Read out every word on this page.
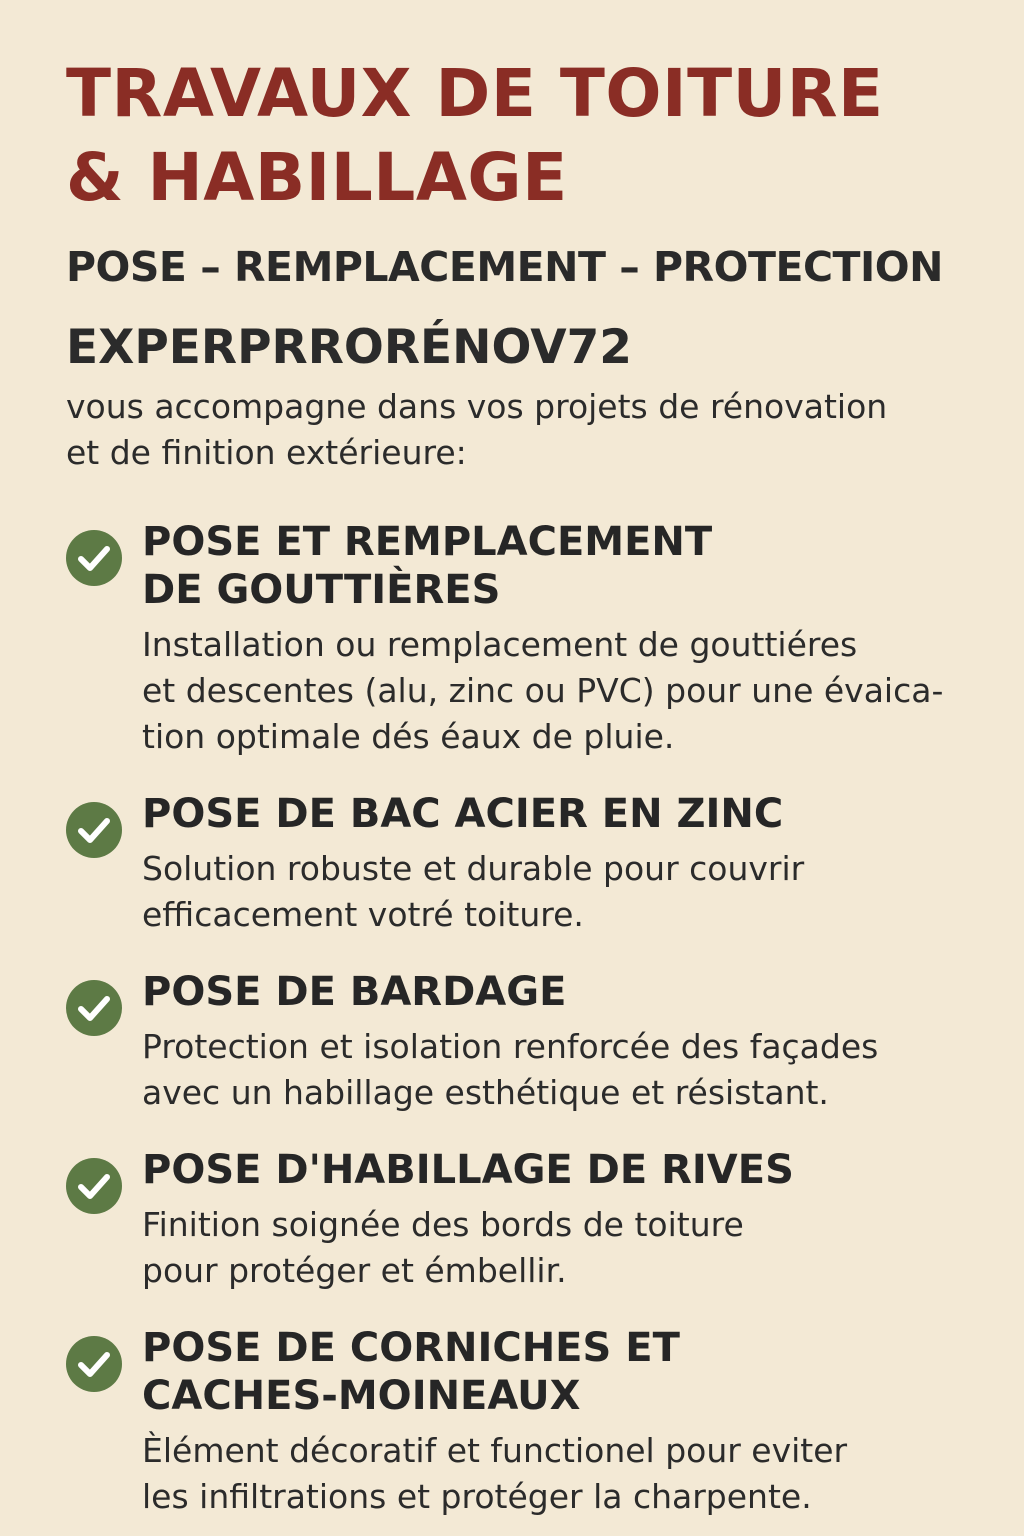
TRAVAUX DE TOITURE
& HABILLAGE

POSE – REMPLACEMENT – PROTECTION

EXPERPRRORÉNOV72

vous accompagne dans vos projets de rénovation
et de finition extérieure:

POSE ET REMPLACEMENT
DE GOUTTIÈRES

Installation ou remplacement de gouttiéres
et descentes (alu, zinc ou PVC) pour une évaica-
tion optimale dés éaux de pluie.

POSE DE BAC ACIER EN ZINC

Solution robuste et durable pour couvrir
efficacement votré toiture.

POSE DE BARDAGE

Protection et isolation renforcée des façades
avec un habillage esthétique et résistant.

POSE D'HABILLAGE DE RIVES

Finition soignée des bords de toiture
pour protéger et émbellir.

POSE DE CORNICHES ET
CACHES-MOINEAUX

Èlément décoratif et functionel pour eviter
les infiltrations et protéger la charpente.
